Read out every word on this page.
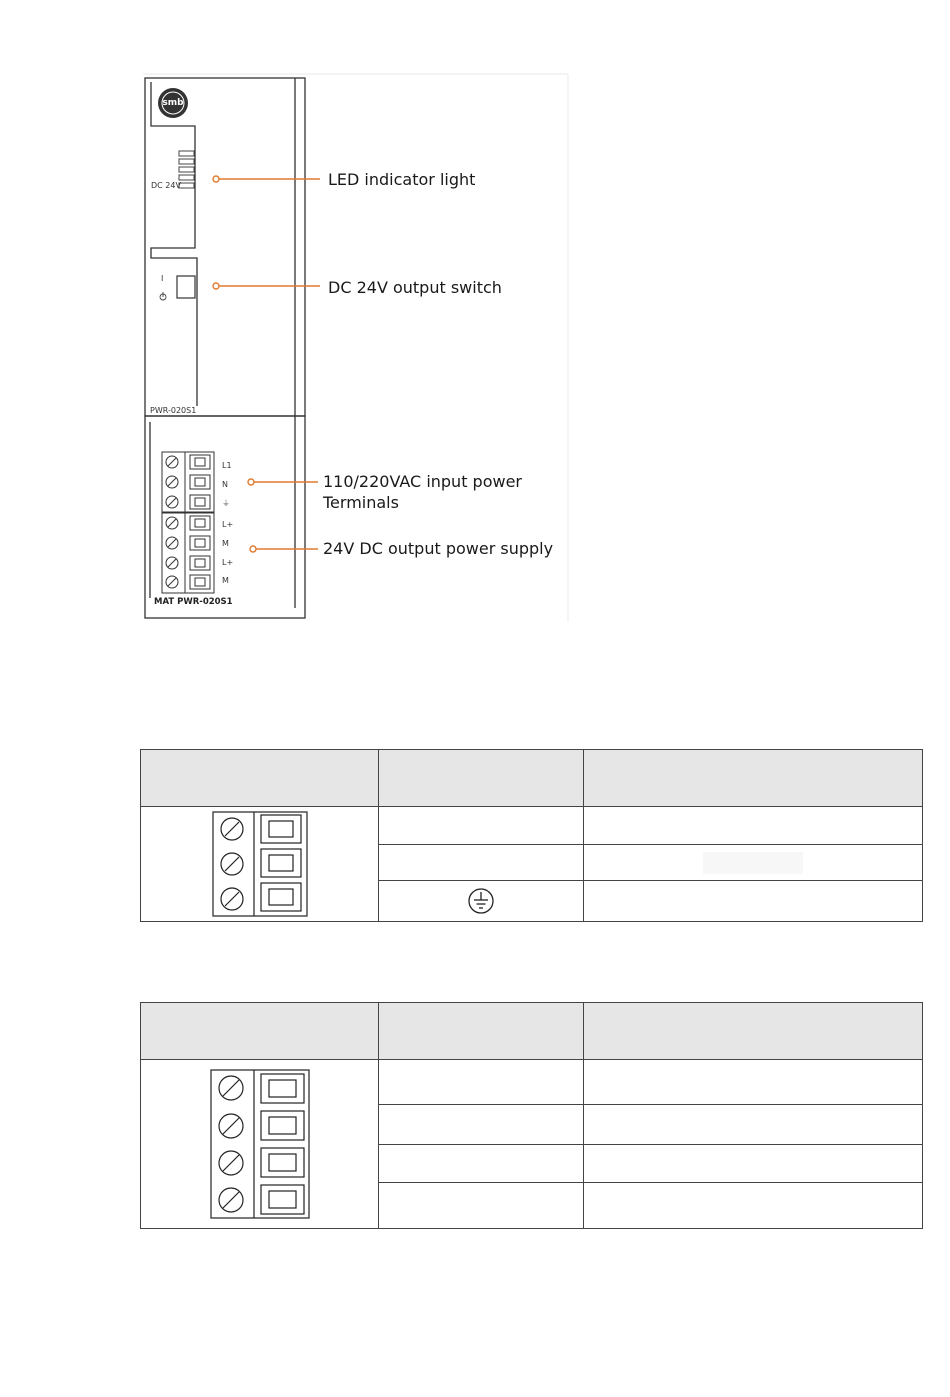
smb
DC 24V
I
PWR-020S1
L1
N
⏚
L+
M
L+
M
MAT PWR-020S1
LED indicator light
DC 24V output switch
110/220VAC input power
Terminals
24V DC output power supply
